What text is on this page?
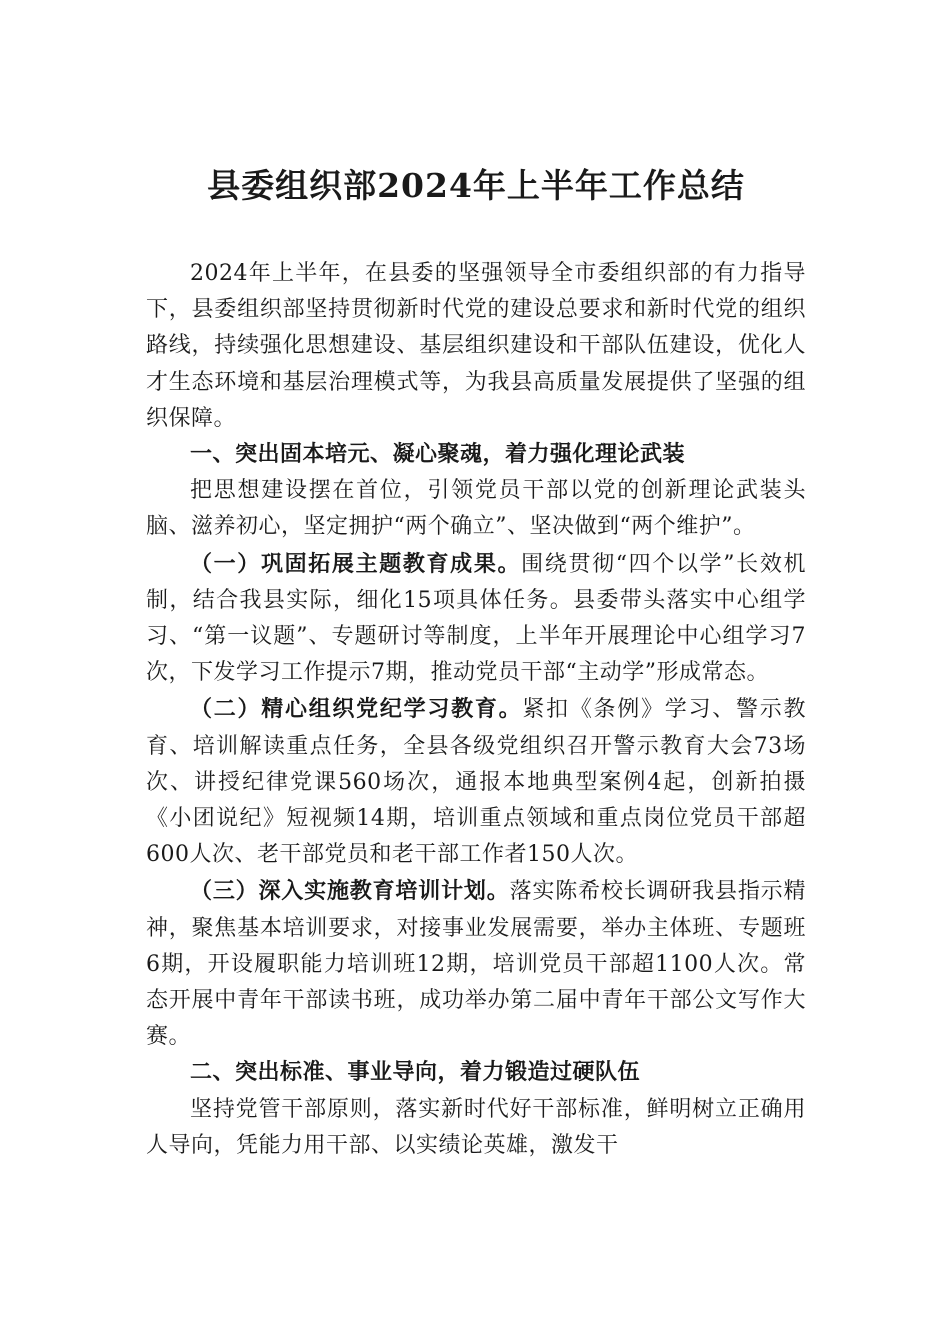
县委组织部2024年上半年工作总结

2024年上半年，在县委的坚强领导全市委组织部的有力指导下，县委组织部坚持贯彻新时代党的建设总要求和新时代党的组织路线，持续强化思想建设、基层组织建设和干部队伍建设，优化人才生态环境和基层治理模式等，为我县高质量发展提供了坚强的组织保障。

一、突出固本培元、凝心聚魂，着力强化理论武装

把思想建设摆在首位，引领党员干部以党的创新理论武装头脑、滋养初心，坚定拥护“两个确立”、坚决做到“两个维护”。

（一）巩固拓展主题教育成果。围绕贯彻“四个以学”长效机制，结合我县实际，细化15项具体任务。县委带头落实中心组学习、“第一议题”、专题研讨等制度，上半年开展理论中心组学习7次，下发学习工作提示7期，推动党员干部“主动学”形成常态。

（二）精心组织党纪学习教育。紧扣《条例》学习、警示教育、培训解读重点任务，全县各级党组织召开警示教育大会73场次、讲授纪律党课560场次，通报本地典型案例4起，创新拍摄《小团说纪》短视频14期，培训重点领域和重点岗位党员干部超600人次、老干部党员和老干部工作者150人次。

（三）深入实施教育培训计划。落实陈希校长调研我县指示精神，聚焦基本培训要求，对接事业发展需要，举办主体班、专题班6期，开设履职能力培训班12期，培训党员干部超1100人次。常态开展中青年干部读书班，成功举办第二届中青年干部公文写作大赛。

二、突出标准、事业导向，着力锻造过硬队伍

坚持党管干部原则，落实新时代好干部标准，鲜明树立正确用人导向，凭能力用干部、以实绩论英雄，激发干
